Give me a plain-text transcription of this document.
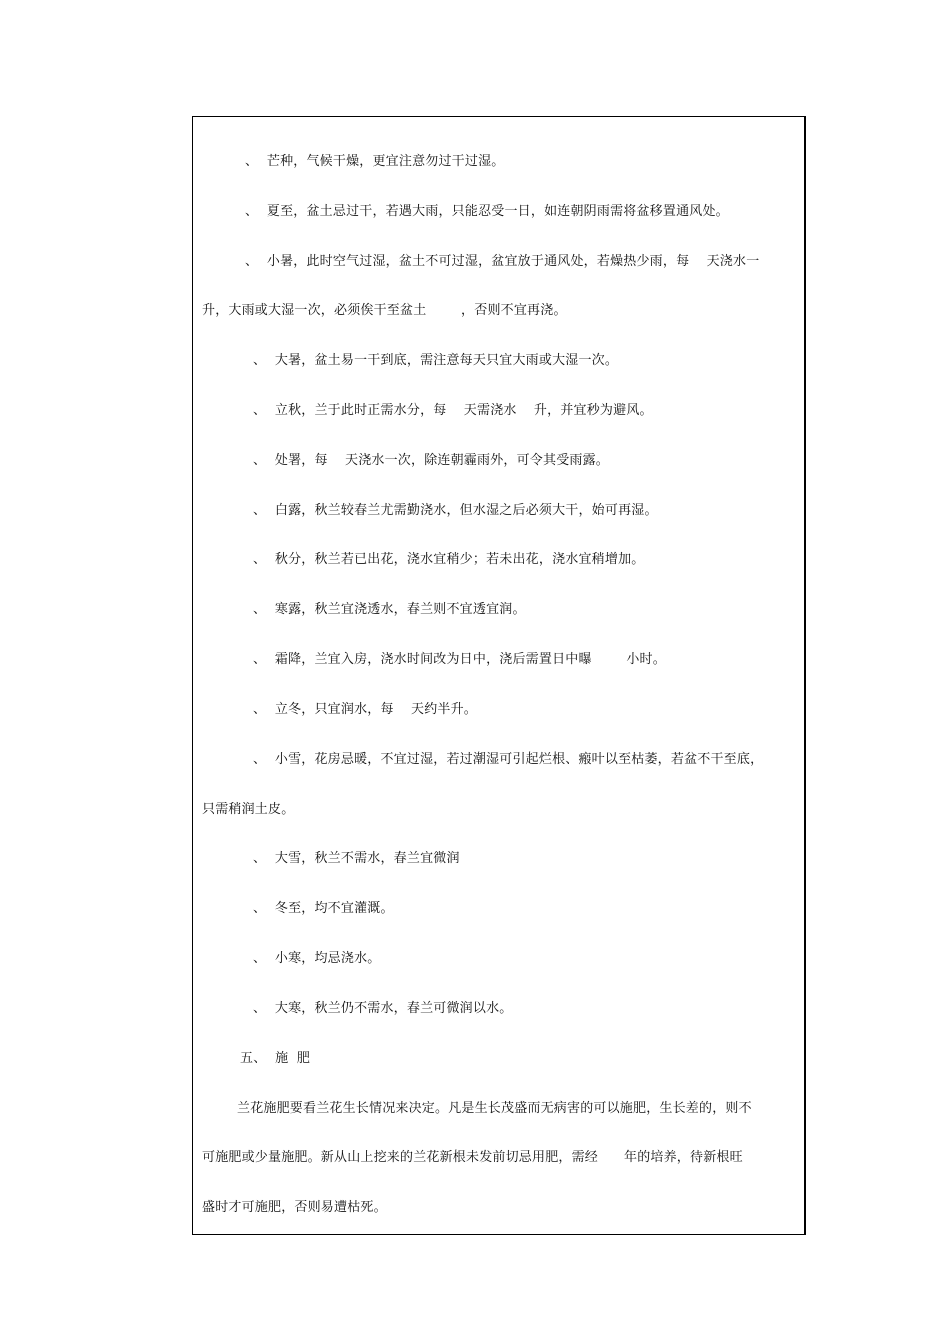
、  芒种，气候干燥，更宜注意勿过干过湿。
、  夏至，盆土忌过干，若遇大雨，只能忍受一日，如连朝阴雨需将盆移置通风处。
、  小暑，此时空气过湿，盆土不可过湿，盆宜放于通风处，若燥热少雨，每    天浇水一
升，大雨或大湿一次，必须俟干至盆土        ，否则不宜再浇。
、  大暑，盆土易一干到底，需注意每天只宜大雨或大湿一次。
、  立秋，兰于此时正需水分，每    天需浇水    升，并宜秒为避风。
、  处署，每    天浇水一次，除连朝霾雨外，可令其受雨露。
、  白露，秋兰较春兰尤需勤浇水，但水湿之后必须大干，始可再湿。
、  秋分，秋兰若已出花，浇水宜稍少；若未出花，浇水宜稍增加。
、  寒露，秋兰宜浇透水，春兰则不宜透宜润。
、  霜降，兰宜入房，浇水时间改为日中，浇后需置日中曝        小时。
、  立冬，只宜润水，每    天约半升。
、  小雪，花房忌暖，不宜过湿，若过潮湿可引起烂根、瘢叶以至枯萎，若盆不干至底，
只需稍润土皮。
、  大雪，秋兰不需水，春兰宜微润
、  冬至，均不宜灌溉。
、  小寒，均忌浇水。
、  大寒，秋兰仍不需水，春兰可微润以水。
五、  施  肥
兰花施肥要看兰花生长情况来决定。凡是生长茂盛而无病害的可以施肥，生长差的，则不
可施肥或少量施肥。新从山上挖来的兰花新根未发前切忌用肥，需经      年的培养，待新根旺
盛时才可施肥，否则易遭枯死。
